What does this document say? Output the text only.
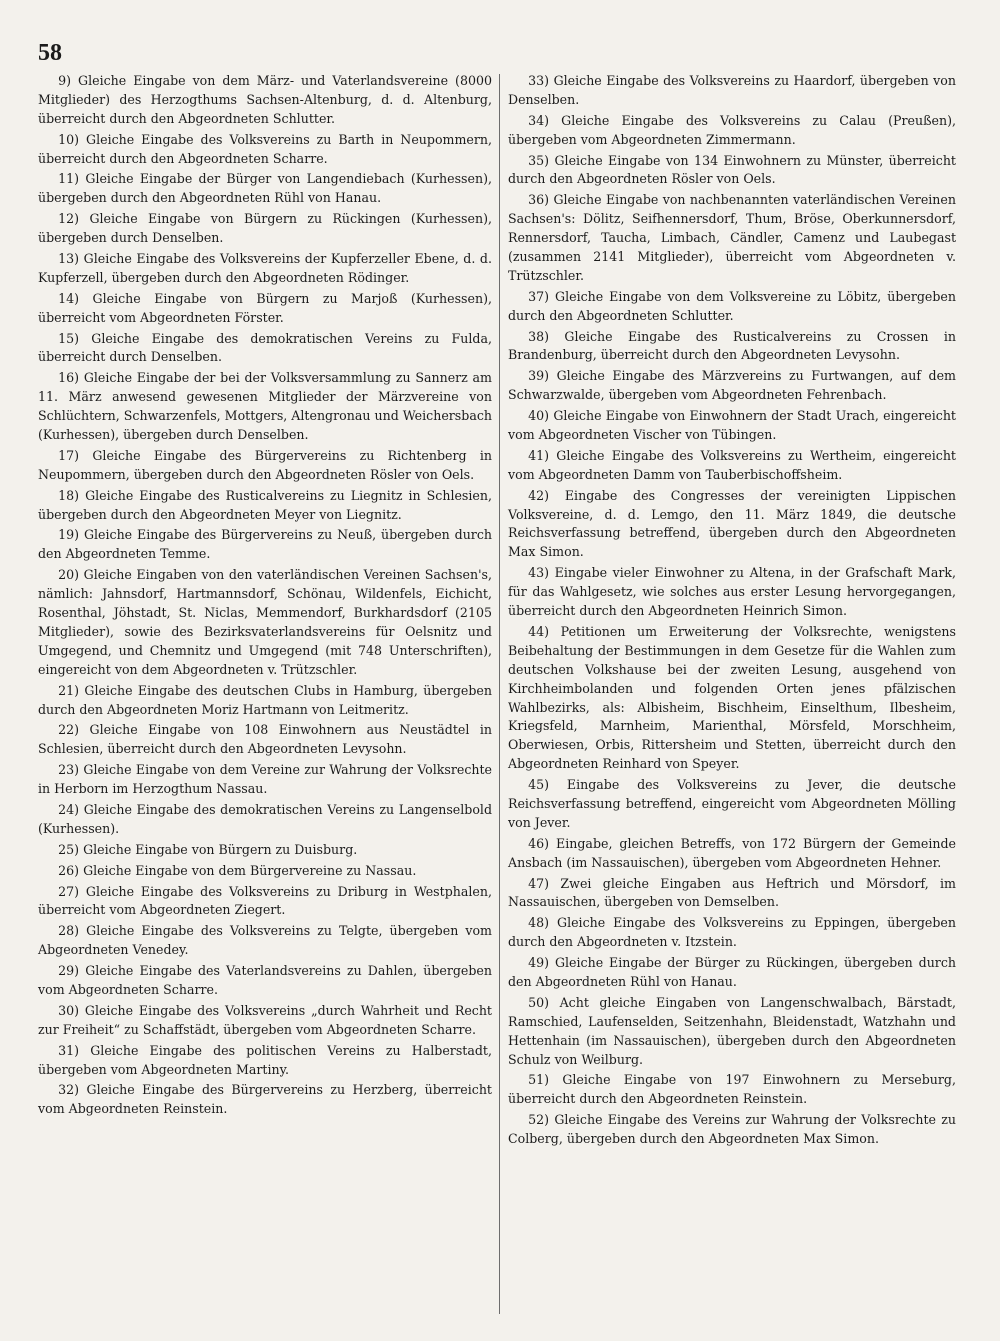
58

9) Gleiche Eingabe von dem März- und Vaterlandsvereine (8000 Mitglieder) des Herzogthums Sachsen-Altenburg, d. d. Altenburg, überreicht durch den Abgeordneten Schlutter.

10) Gleiche Eingabe des Volksvereins zu Barth in Neupommern, überreicht durch den Abgeordneten Scharre.

11) Gleiche Eingabe der Bürger von Langendiebach (Kurhessen), übergeben durch den Abgeordneten Rühl von Hanau.

12) Gleiche Eingabe von Bürgern zu Rückingen (Kurhessen), übergeben durch Denselben.

13) Gleiche Eingabe des Volksvereins der Kupferzeller Ebene, d. d. Kupferzell, übergeben durch den Abgeordneten Rödinger.

14) Gleiche Eingabe von Bürgern zu Marjoß (Kurhessen), überreicht vom Abgeordneten Förster.

15) Gleiche Eingabe des demokratischen Vereins zu Fulda, überreicht durch Denselben.

16) Gleiche Eingabe der bei der Volksversammlung zu Sannerz am 11. März anwesend gewesenen Mitglieder der Märzvereine von Schlüchtern, Schwarzenfels, Mottgers, Altengronau und Weichersbach (Kurhessen), übergeben durch Denselben.

17) Gleiche Eingabe des Bürgervereins zu Richtenberg in Neupommern, übergeben durch den Abgeordneten Rösler von Oels.

18) Gleiche Eingabe des Rusticalvereins zu Liegnitz in Schlesien, übergeben durch den Abgeordneten Meyer von Liegnitz.

19) Gleiche Eingabe des Bürgervereins zu Neuß, übergeben durch den Abgeordneten Temme.

20) Gleiche Eingaben von den vaterländischen Vereinen Sachsen's, nämlich: Jahnsdorf, Hartmannsdorf, Schönau, Wildenfels, Eichicht, Rosenthal, Jöhstadt, St. Niclas, Memmendorf, Burkhardsdorf (2105 Mitglieder), sowie des Bezirksvaterlandsvereins für Oelsnitz und Umgegend, und Chemnitz und Umgegend (mit 748 Unterschriften), eingereicht von dem Abgeordneten v. Trützschler.

21) Gleiche Eingabe des deutschen Clubs in Hamburg, übergeben durch den Abgeordneten Moriz Hartmann von Leitmeritz.

22) Gleiche Eingabe von 108 Einwohnern aus Neustädtel in Schlesien, überreicht durch den Abgeordneten Levysohn.

23) Gleiche Eingabe von dem Vereine zur Wahrung der Volksrechte in Herborn im Herzogthum Nassau.

24) Gleiche Eingabe des demokratischen Vereins zu Langenselbold (Kurhessen).

25) Gleiche Eingabe von Bürgern zu Duisburg.

26) Gleiche Eingabe von dem Bürgervereine zu Nassau.

27) Gleiche Eingabe des Volksvereins zu Driburg in Westphalen, überreicht vom Abgeordneten Ziegert.

28) Gleiche Eingabe des Volksvereins zu Telgte, übergeben vom Abgeordneten Venedey.

29) Gleiche Eingabe des Vaterlandsvereins zu Dahlen, übergeben vom Abgeordneten Scharre.

30) Gleiche Eingabe des Volksvereins „durch Wahrheit und Recht zur Freiheit“ zu Schaffstädt, übergeben vom Abgeordneten Scharre.

31) Gleiche Eingabe des politischen Vereins zu Halberstadt, übergeben vom Abgeordneten Martiny.

32) Gleiche Eingabe des Bürgervereins zu Herzberg, überreicht vom Abgeordneten Reinstein.

33) Gleiche Eingabe des Volksvereins zu Haardorf, übergeben von Denselben.

34) Gleiche Eingabe des Volksvereins zu Calau (Preußen), übergeben vom Abgeordneten Zimmermann.

35) Gleiche Eingabe von 134 Einwohnern zu Münster, überreicht durch den Abgeordneten Rösler von Oels.

36) Gleiche Eingabe von nachbenannten vaterländischen Vereinen Sachsen's: Dölitz, Seifhennersdorf, Thum, Bröse, Oberkunnersdorf, Rennersdorf, Taucha, Limbach, Cändler, Camenz und Laubegast (zusammen 2141 Mitglieder), überreicht vom Abgeordneten v. Trützschler.

37) Gleiche Eingabe von dem Volksvereine zu Löbitz, übergeben durch den Abgeordneten Schlutter.

38) Gleiche Eingabe des Rusticalvereins zu Crossen in Brandenburg, überreicht durch den Abgeordneten Levysohn.

39) Gleiche Eingabe des Märzvereins zu Furtwangen, auf dem Schwarzwalde, übergeben vom Abgeordneten Fehrenbach.

40) Gleiche Eingabe von Einwohnern der Stadt Urach, eingereicht vom Abgeordneten Vischer von Tübingen.

41) Gleiche Eingabe des Volksvereins zu Wertheim, eingereicht vom Abgeordneten Damm von Tauberbischoffsheim.

42) Eingabe des Congresses der vereinigten Lippischen Volksvereine, d. d. Lemgo, den 11. März 1849, die deutsche Reichsverfassung betreffend, übergeben durch den Abgeordneten Max Simon.

43) Eingabe vieler Einwohner zu Altena, in der Grafschaft Mark, für das Wahlgesetz, wie solches aus erster Lesung hervorgegangen, überreicht durch den Abgeordneten Heinrich Simon.

44) Petitionen um Erweiterung der Volksrechte, wenigstens Beibehaltung der Bestimmungen in dem Gesetze für die Wahlen zum deutschen Volkshause bei der zweiten Lesung, ausgehend von Kirchheimbolanden und folgenden Orten jenes pfälzischen Wahlbezirks, als: Albisheim, Bischheim, Einselthum, Ilbesheim, Kriegsfeld, Marnheim, Marienthal, Mörsfeld, Morschheim, Oberwiesen, Orbis, Rittersheim und Stetten, überreicht durch den Abgeordneten Reinhard von Speyer.

45) Eingabe des Volksvereins zu Jever, die deutsche Reichsverfassung betreffend, eingereicht vom Abgeordneten Mölling von Jever.

46) Eingabe, gleichen Betreffs, von 172 Bürgern der Gemeinde Ansbach (im Nassauischen), übergeben vom Abgeordneten Hehner.

47) Zwei gleiche Eingaben aus Heftrich und Mörsdorf, im Nassauischen, übergeben von Demselben.

48) Gleiche Eingabe des Volksvereins zu Eppingen, übergeben durch den Abgeordneten v. Itzstein.

49) Gleiche Eingabe der Bürger zu Rückingen, übergeben durch den Abgeordneten Rühl von Hanau.

50) Acht gleiche Eingaben von Langenschwalbach, Bärstadt, Ramschied, Laufenselden, Seitzenhahn, Bleidenstadt, Watzhahn und Hettenhain (im Nassauischen), übergeben durch den Abgeordneten Schulz von Weilburg.

51) Gleiche Eingabe von 197 Einwohnern zu Merseburg, überreicht durch den Abgeordneten Reinstein.

52) Gleiche Eingabe des Vereins zur Wahrung der Volksrechte zu Colberg, übergeben durch den Abgeordneten Max Simon.
